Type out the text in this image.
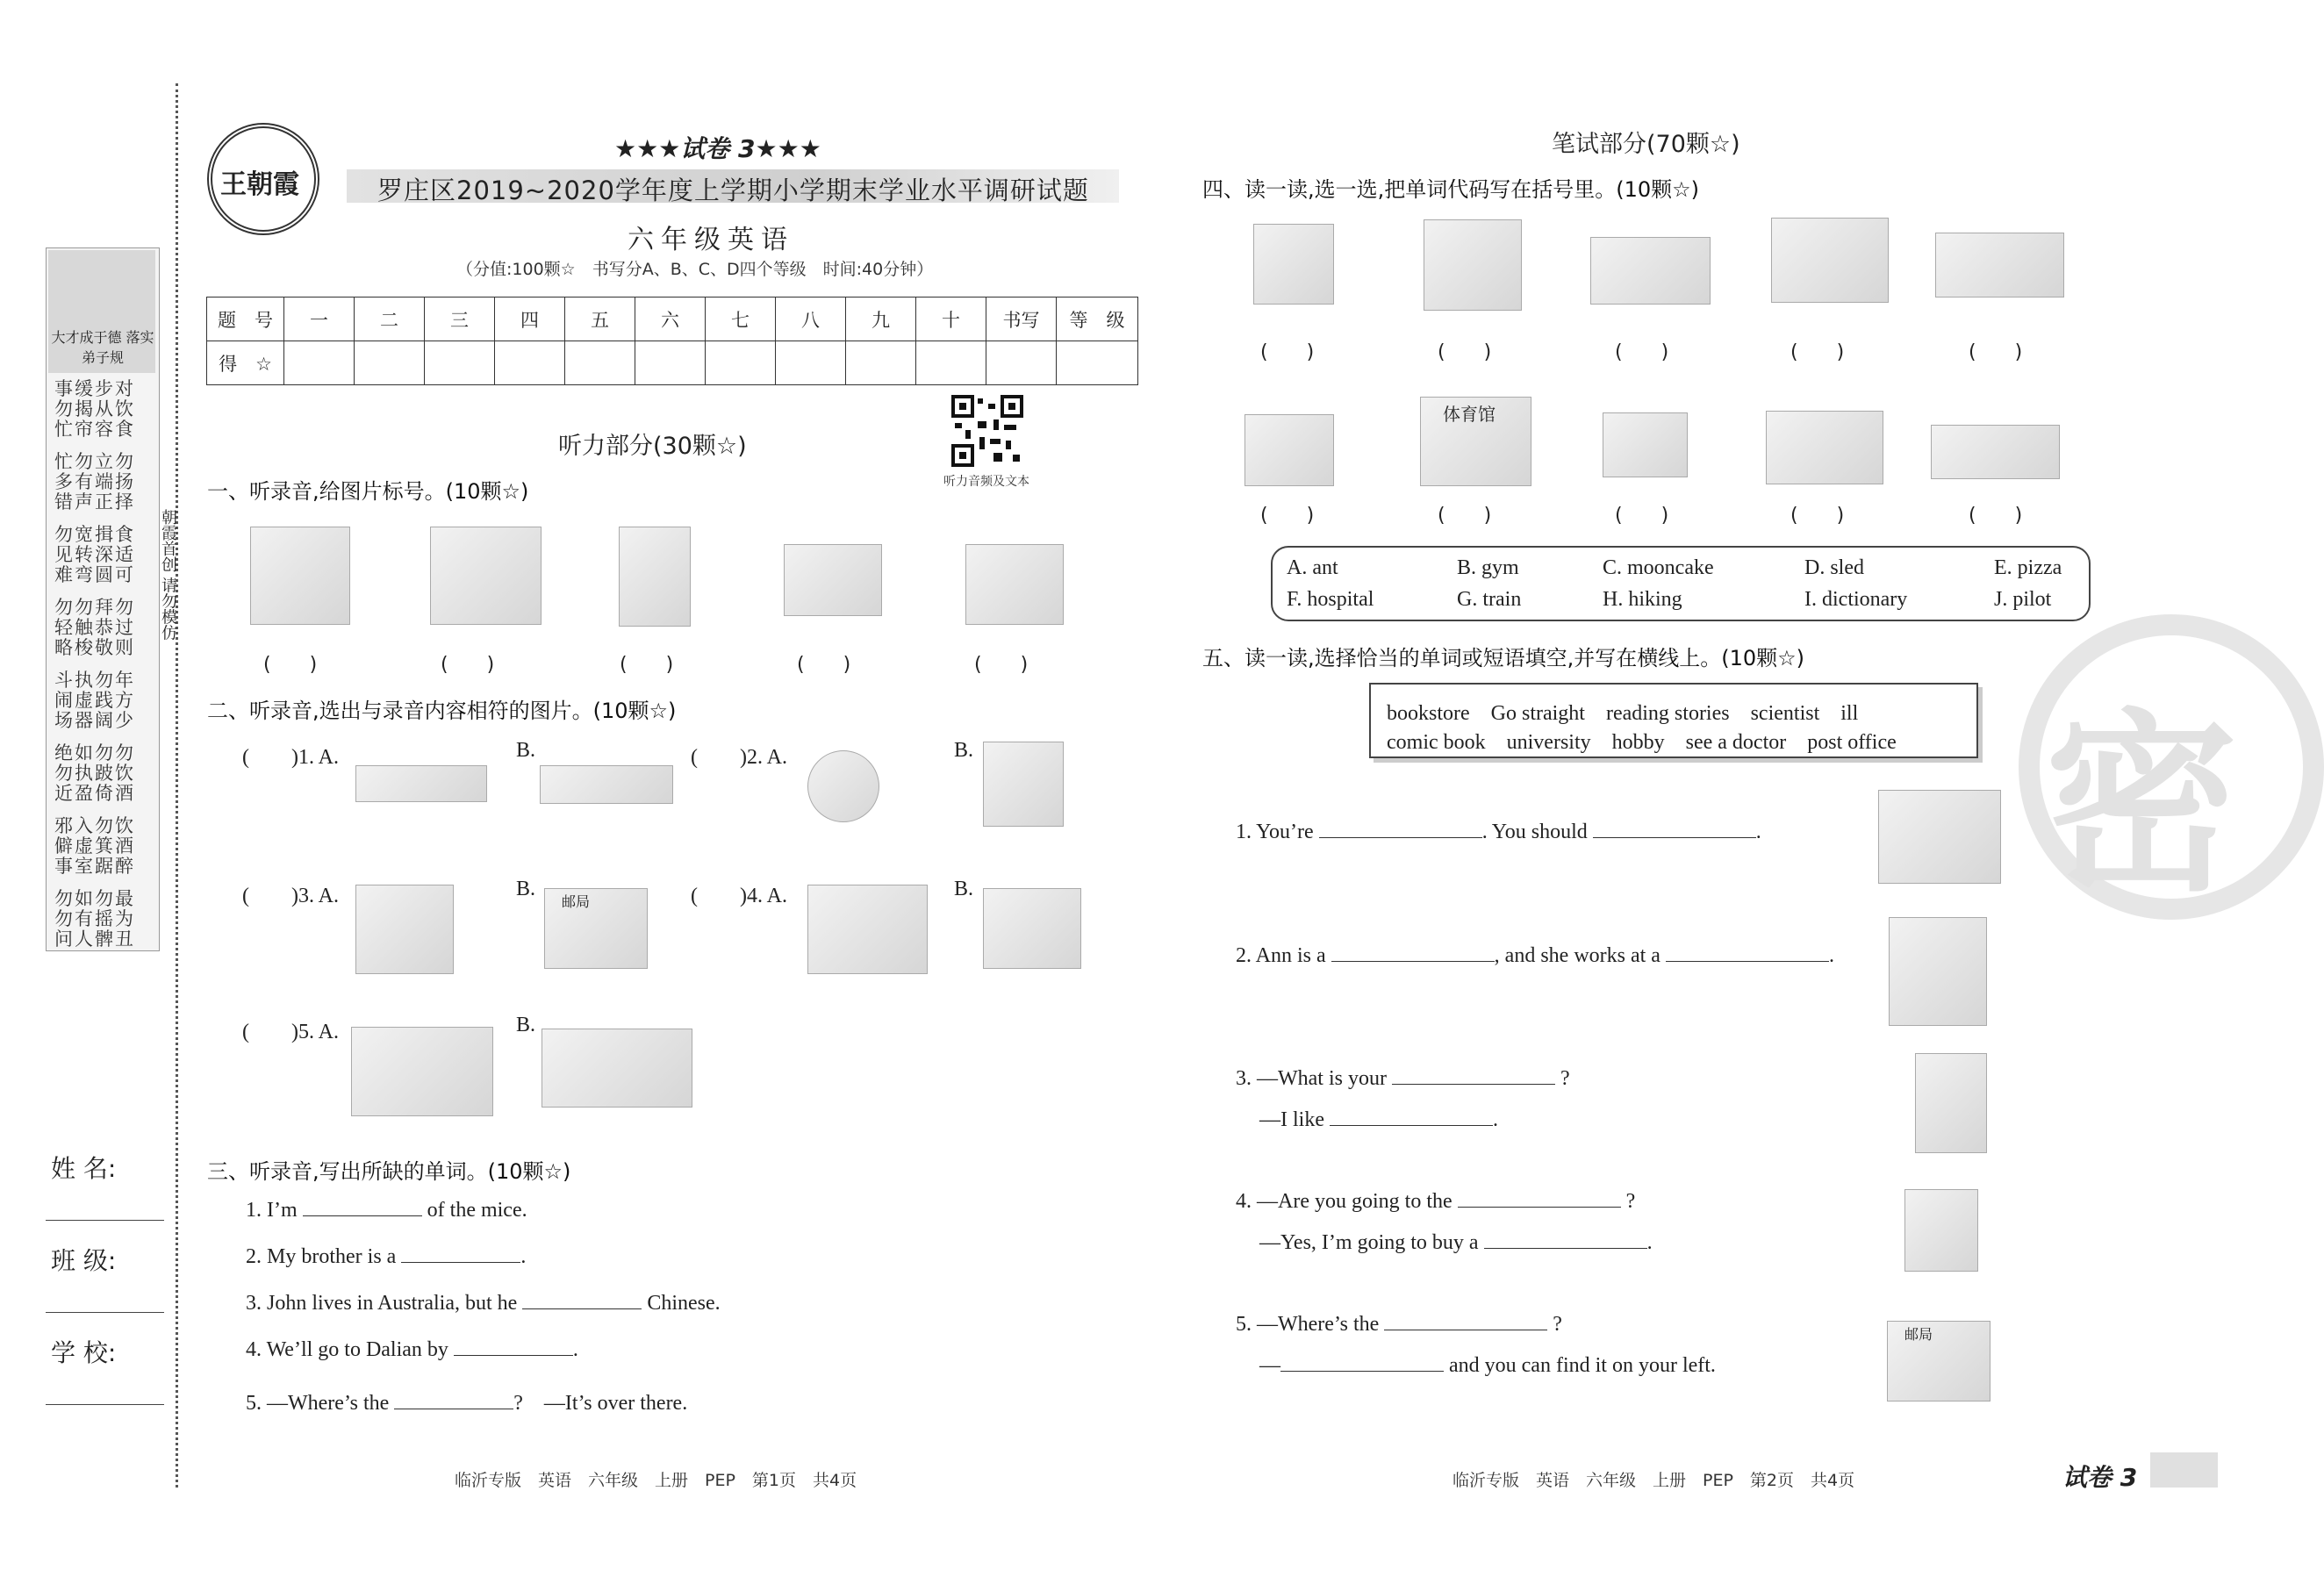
大才成于德 落实弟子规
事缓步对
勿揭从饮
忙帘容食
忙勿立勿
多有端扬
错声正择
勿宽揖食
见转深适
难弯圆可
勿勿拜勿
轻触恭过
略梭敬则
斗执勿年
闹虚践方
场器阔少
绝如勿勿
勿执跛饮
近盈倚酒
邪入勿饮
僻虚箕酒
事室踞醉
勿如勿最
勿有摇为
问人髀丑
朝霞首创 请勿模仿
姓 名:
班 级:
学 校:
王朝霞
★★★试卷 3★★★
罗庄区2019~2020学年度上学期小学期末学业水平调研试题
六年级英语
（分值:100颗☆　书写分A、B、C、D四个等级　时间:40分钟）
题　号	一	二	三	四	五	六	七	八	九	十	书写	等　级
得　☆												
听力音频及文本
听力部分(30颗☆)
一、听录音,给图片标号。(10颗☆)
(　　)	(　　)	(　　)	(　　)	(　　)
二、听录音,选出与录音内容相符的图片。(10颗☆)
(　　)1. A.	B.	(　　)2. A.	B.
(　　)3. A.	B.
邮局	(　　)4. A.	B.
(　　)5. A.	B.
三、听录音,写出所缺的单词。(10颗☆)
1. I’m	of the mice.
2. My brother is a	.
3. John lives in Australia, but he	Chinese.
4. We’ll go to Dalian by	.
5. —Where’s the	?　—It’s over there.
笔试部分(70颗☆)
四、读一读,选一选,把单词代码写在括号里。(10颗☆)
(　　)	(　　)	(　　)	(　　)	(　　)
体育馆
(　　)	(　　)	(　　)	(　　)	(　　)
A. ant	B. gym	C. mooncake	D. sled	E. pizza
F. hospital	G. train	H. hiking	I. dictionary	J. pilot
密
五、读一读,选择恰当的单词或短语填空,并写在横线上。(10颗☆)
bookstore　Go straight　reading stories　scientist　ill
comic book　university　hobby　see a doctor　post office
1. You’re	. You should	.
2. Ann is a	, and she works at a	.
3. —What is your	?
—I like	.
4. —Are you going to the	?
—Yes, I’m going to buy a	.
5. —Where’s the	?
—	and you can find it on your left.
邮局
临沂专版　英语　六年级　上册　PEP　第1页　共4页	临沂专版　英语　六年级　上册　PEP　第2页　共4页	试卷 3
